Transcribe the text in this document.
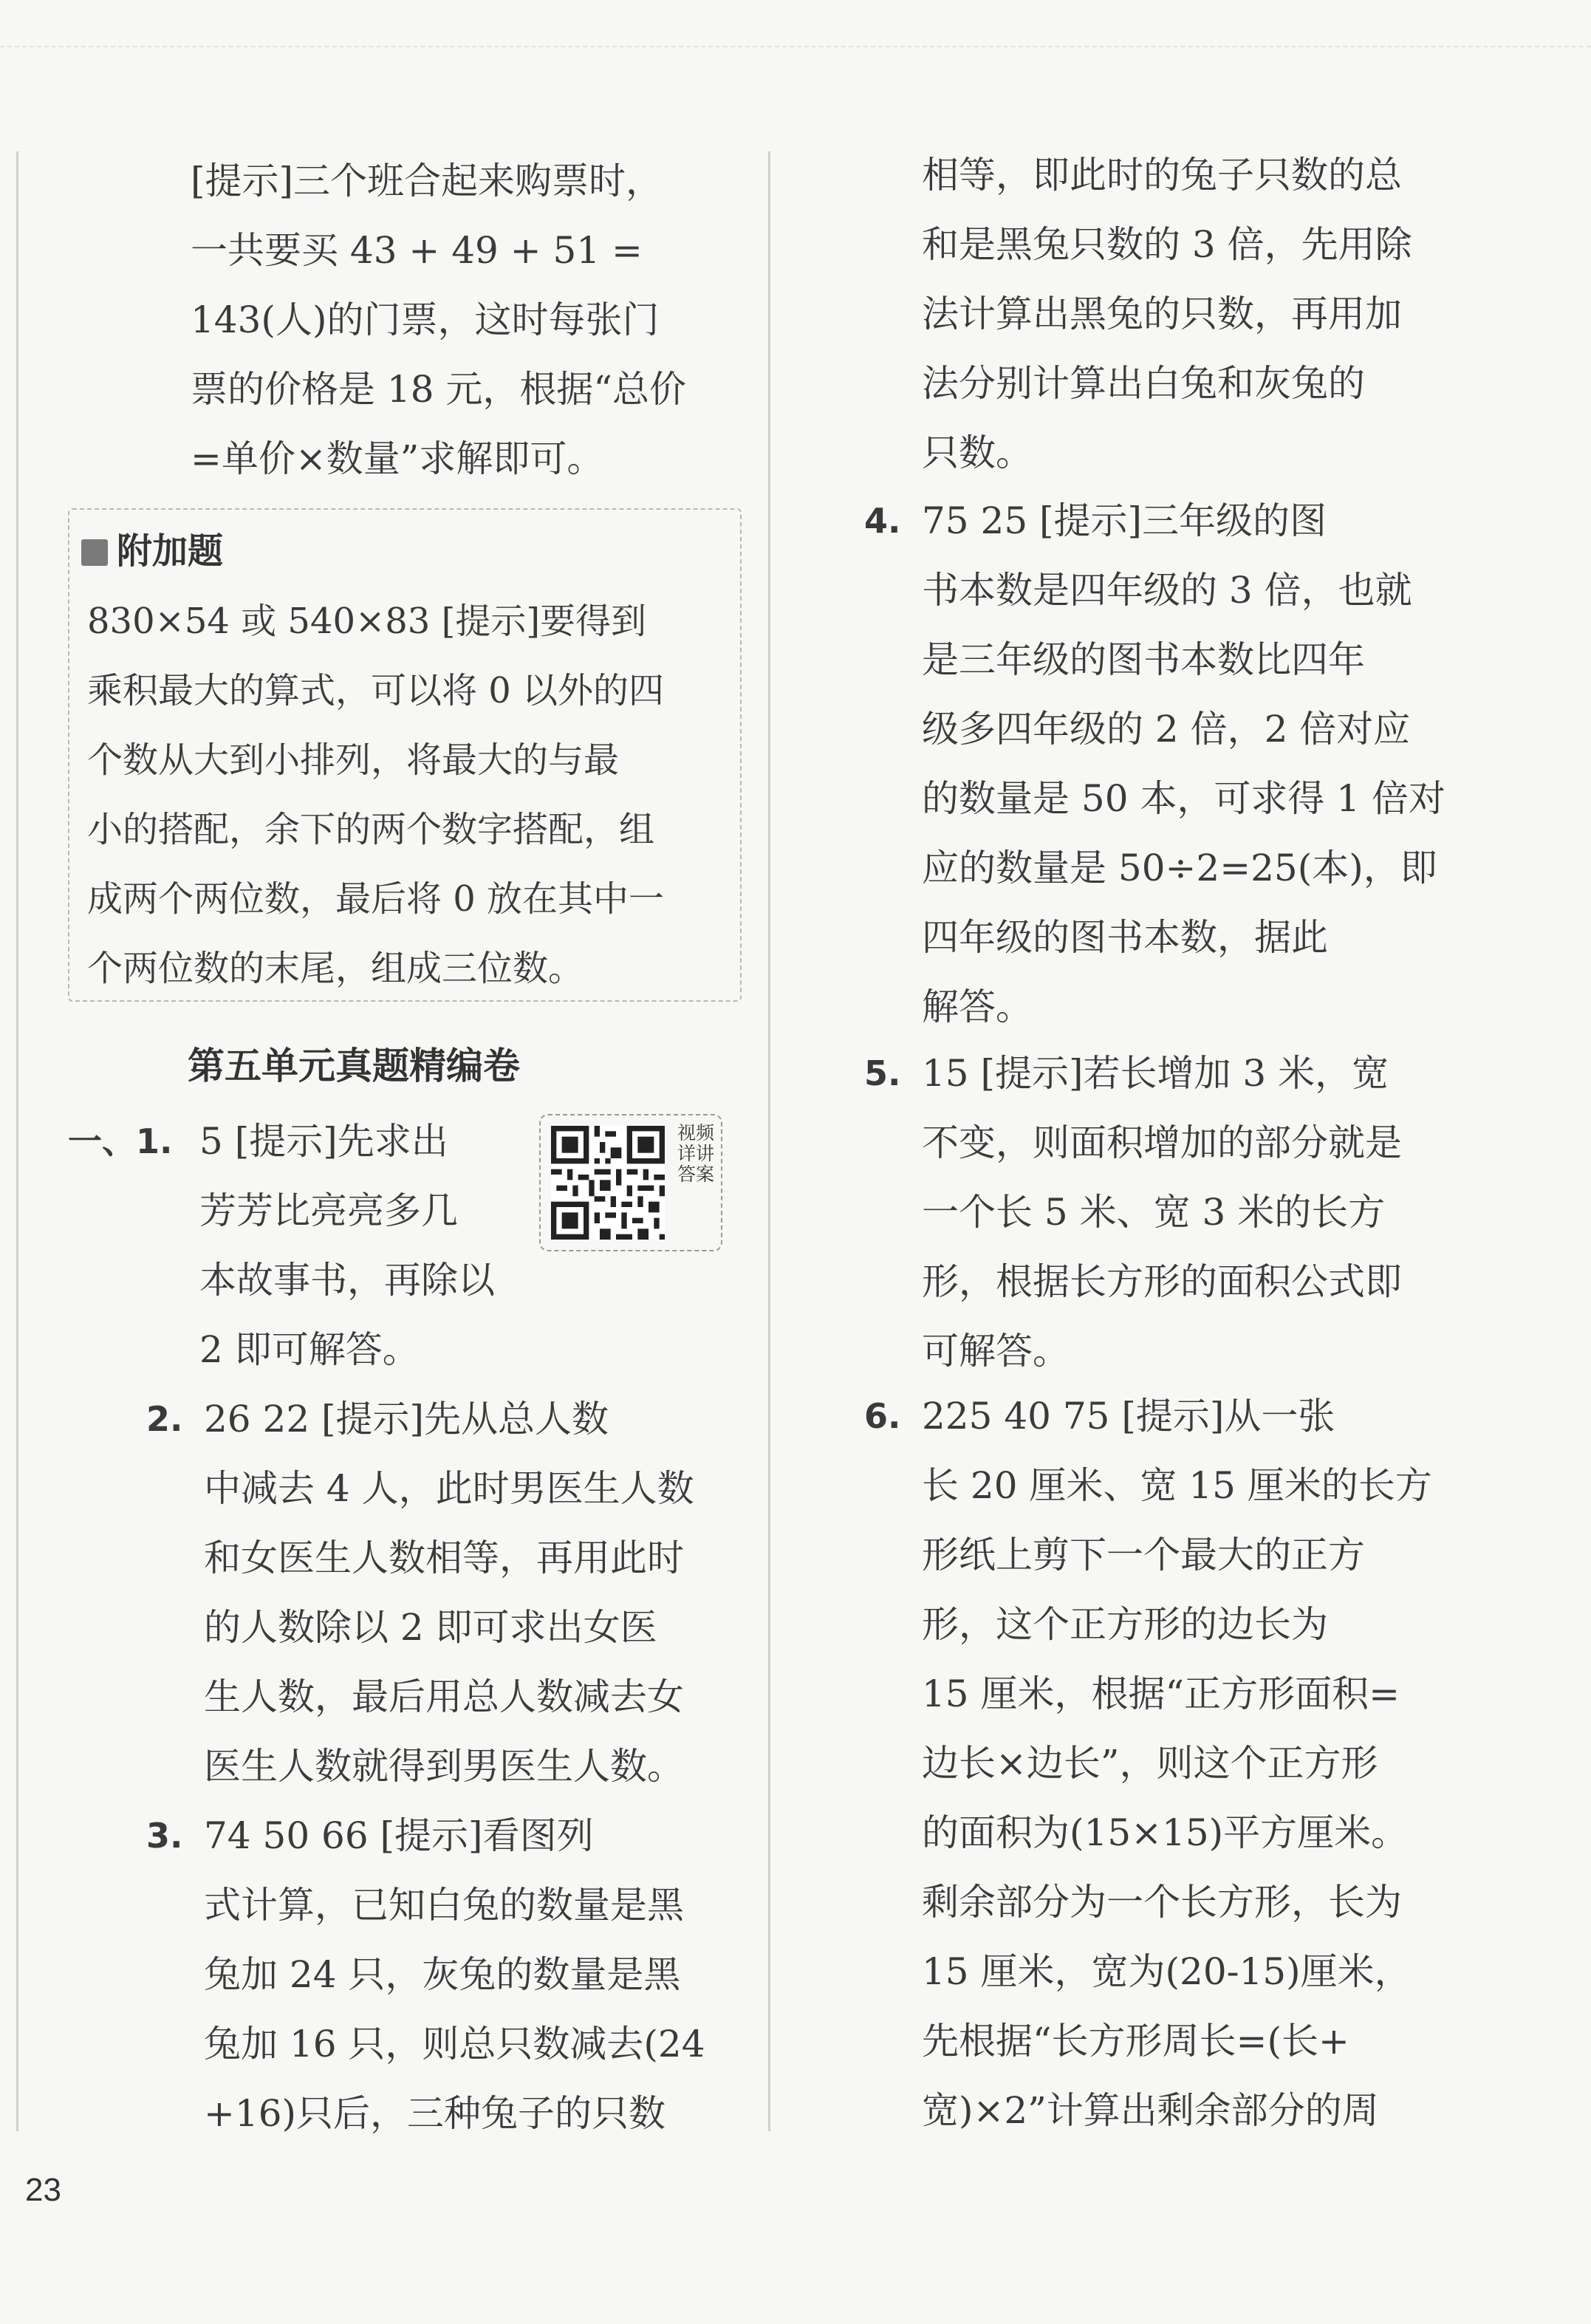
[提示]三个班合起来购票时，

一共要买 43 + 49 + 51 =

143(人)的门票，这时每张门

票的价格是 18 元，根据“总价

=单价×数量”求解即可。

附加题

830×54 或 540×83 [提示]要得到

乘积最大的算式，可以将 0 以外的四

个数从大到小排列，将最大的与最

小的搭配，余下的两个数字搭配，组

成两个两位数，最后将 0 放在其中一

个两位数的末尾，组成三位数。

第五单元真题精编卷
一、1. 5 [提示]先求出

芳芳比亮亮多几

本故事书，再除以

2 即可解答。

视频详讲答案
2. 26 22 [提示]先从总人数

中减去 4 人，此时男医生人数

和女医生人数相等，再用此时

的人数除以 2 即可求出女医

生人数，最后用总人数减去女

医生人数就得到男医生人数。

3. 74 50 66 [提示]看图列

式计算，已知白兔的数量是黑

兔加 24 只，灰兔的数量是黑

兔加 16 只，则总只数减去(24

+16)只后，三种兔子的只数

相等，即此时的兔子只数的总

和是黑兔只数的 3 倍，先用除

法计算出黑兔的只数，再用加

法分别计算出白兔和灰兔的

只数。

4. 75 25 [提示]三年级的图

书本数是四年级的 3 倍，也就

是三年级的图书本数比四年

级多四年级的 2 倍，2 倍对应

的数量是 50 本，可求得 1 倍对

应的数量是 50÷2=25(本)，即

四年级的图书本数，据此

解答。

5. 15 [提示]若长增加 3 米，宽

不变，则面积增加的部分就是

一个长 5 米、宽 3 米的长方

形，根据长方形的面积公式即

可解答。

6. 225 40 75 [提示]从一张

长 20 厘米、宽 15 厘米的长方

形纸上剪下一个最大的正方

形，这个正方形的边长为

15 厘米，根据“正方形面积=

边长×边长”，则这个正方形

的面积为(15×15)平方厘米。

剩余部分为一个长方形，长为

15 厘米，宽为(20-15)厘米，

先根据“长方形周长=(长+

宽)×2”计算出剩余部分的周

23
